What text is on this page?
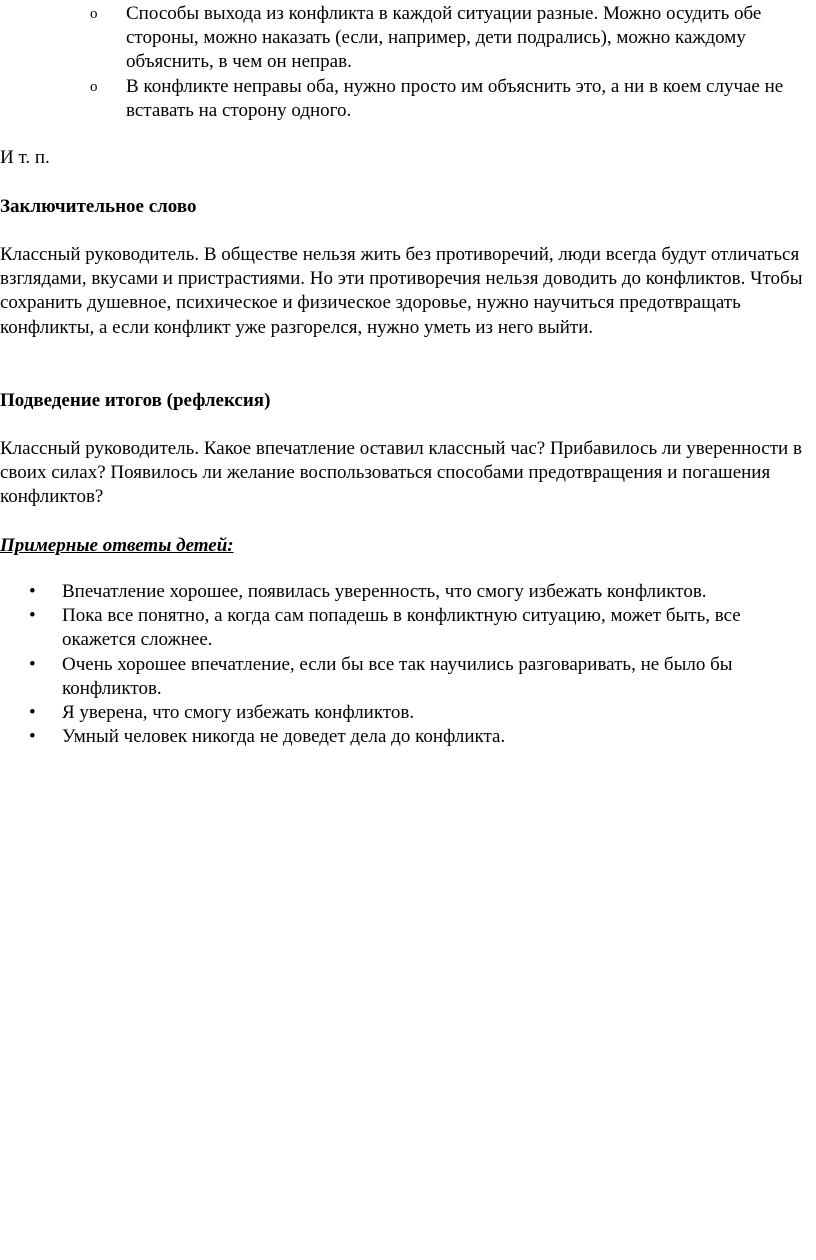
o Способы выхода из конфликта в каждой ситуации разные. Можно осудить обе стороны, можно наказать (если, например, дети подрались), можно каждому объяснить, в чем он неправ.

o В конфликте неправы оба, нужно просто им объяснить это, а ни в коем случае не вставать на сторону одного.

И т. п.

Заключительное слово

Классный руководитель. В обществе нельзя жить без противоречий, люди всегда будут отличаться взглядами, вкусами и пристрастиями. Но эти противоречия нельзя доводить до конфликтов. Чтобы сохранить душевное, психическое и физическое здоровье, нужно научиться предотвращать конфликты, а если конфликт уже разгорелся, нужно уметь из него выйти.

Подведение итогов (рефлексия)

Классный руководитель. Какое впечатление оставил классный час? Прибавилось ли уверенности в своих силах? Появилось ли желание воспользоваться способами предотвращения и погашения конфликтов?

Примерные ответы детей:

• Впечатление хорошее, появилась уверенность, что смогу избежать конфликтов.

• Пока все понятно, а когда сам попадешь в конфликтную ситуацию, может быть, все окажется сложнее.

• Очень хорошее впечатление, если бы все так научились разговаривать, не было бы конфликтов.

• Я уверена, что смогу избежать конфликтов.

• Умный человек никогда не доведет дела до конфликта.
